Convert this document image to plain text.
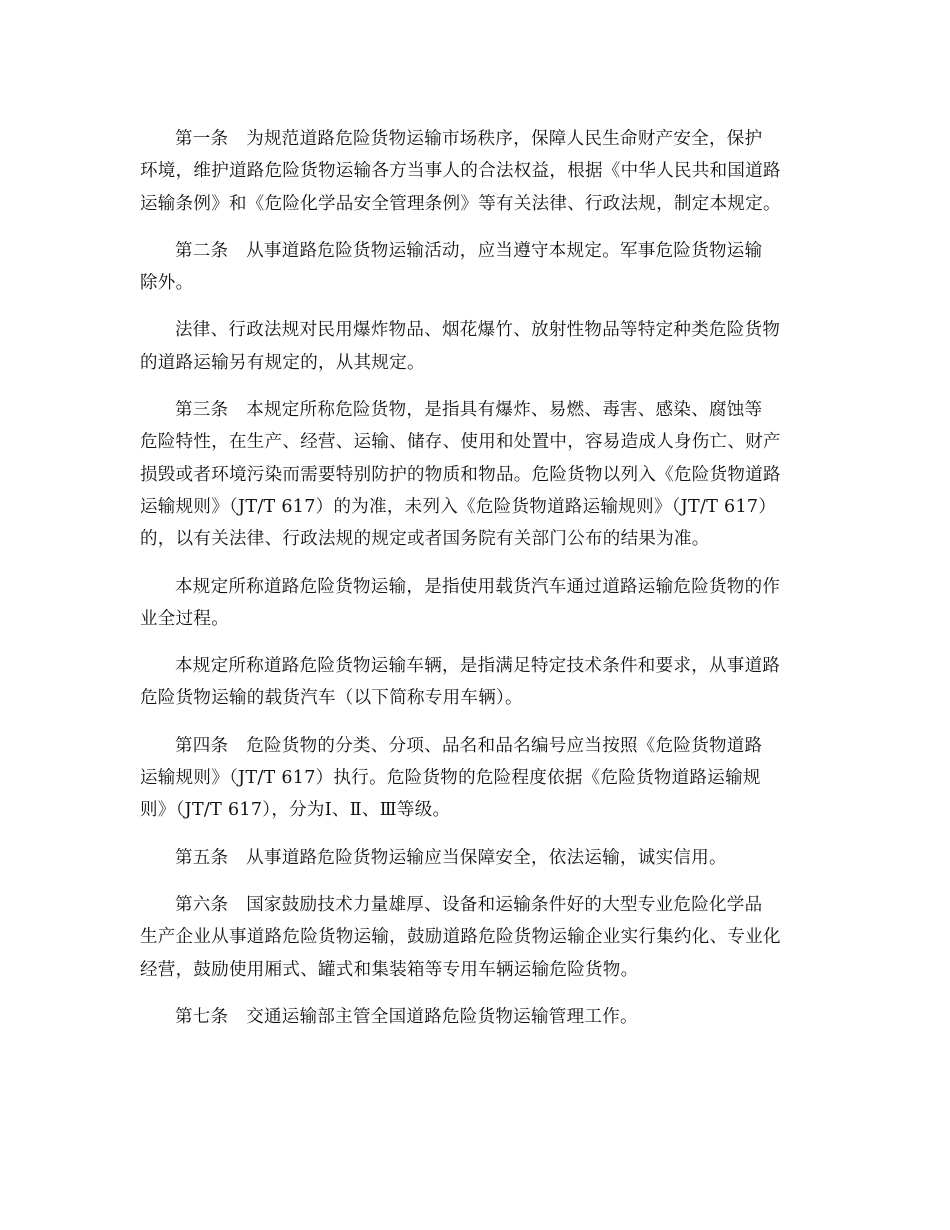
第一条　为规范道路危险货物运输市场秩序，保障人民生命财产安全，保护
环境，维护道路危险货物运输各方当事人的合法权益，根据《中华人民共和国道路
运输条例》和《危险化学品安全管理条例》等有关法律、行政法规，制定本规定。
第二条　从事道路危险货物运输活动，应当遵守本规定。军事危险货物运输
除外。
法律、行政法规对民用爆炸物品、烟花爆竹、放射性物品等特定种类危险货物
的道路运输另有规定的，从其规定。
第三条　本规定所称危险货物，是指具有爆炸、易燃、毒害、感染、腐蚀等
危险特性，在生产、经营、运输、储存、使用和处置中，容易造成人身伤亡、财产
损毁或者环境污染而需要特别防护的物质和物品。危险货物以列入《危险货物道路
运输规则》（JT/T 617）的为准，未列入《危险货物道路运输规则》（JT/T 617）
的，以有关法律、行政法规的规定或者国务院有关部门公布的结果为准。
本规定所称道路危险货物运输，是指使用载货汽车通过道路运输危险货物的作
业全过程。
本规定所称道路危险货物运输车辆，是指满足特定技术条件和要求，从事道路
危险货物运输的载货汽车（以下简称专用车辆）。
第四条　危险货物的分类、分项、品名和品名编号应当按照《危险货物道路
运输规则》（JT/T 617）执行。危险货物的危险程度依据《危险货物道路运输规
则》（JT/T 617），分为Ⅰ、Ⅱ、Ⅲ等级。
第五条　从事道路危险货物运输应当保障安全，依法运输，诚实信用。
第六条　国家鼓励技术力量雄厚、设备和运输条件好的大型专业危险化学品
生产企业从事道路危险货物运输，鼓励道路危险货物运输企业实行集约化、专业化
经营，鼓励使用厢式、罐式和集装箱等专用车辆运输危险货物。
第七条　交通运输部主管全国道路危险货物运输管理工作。
